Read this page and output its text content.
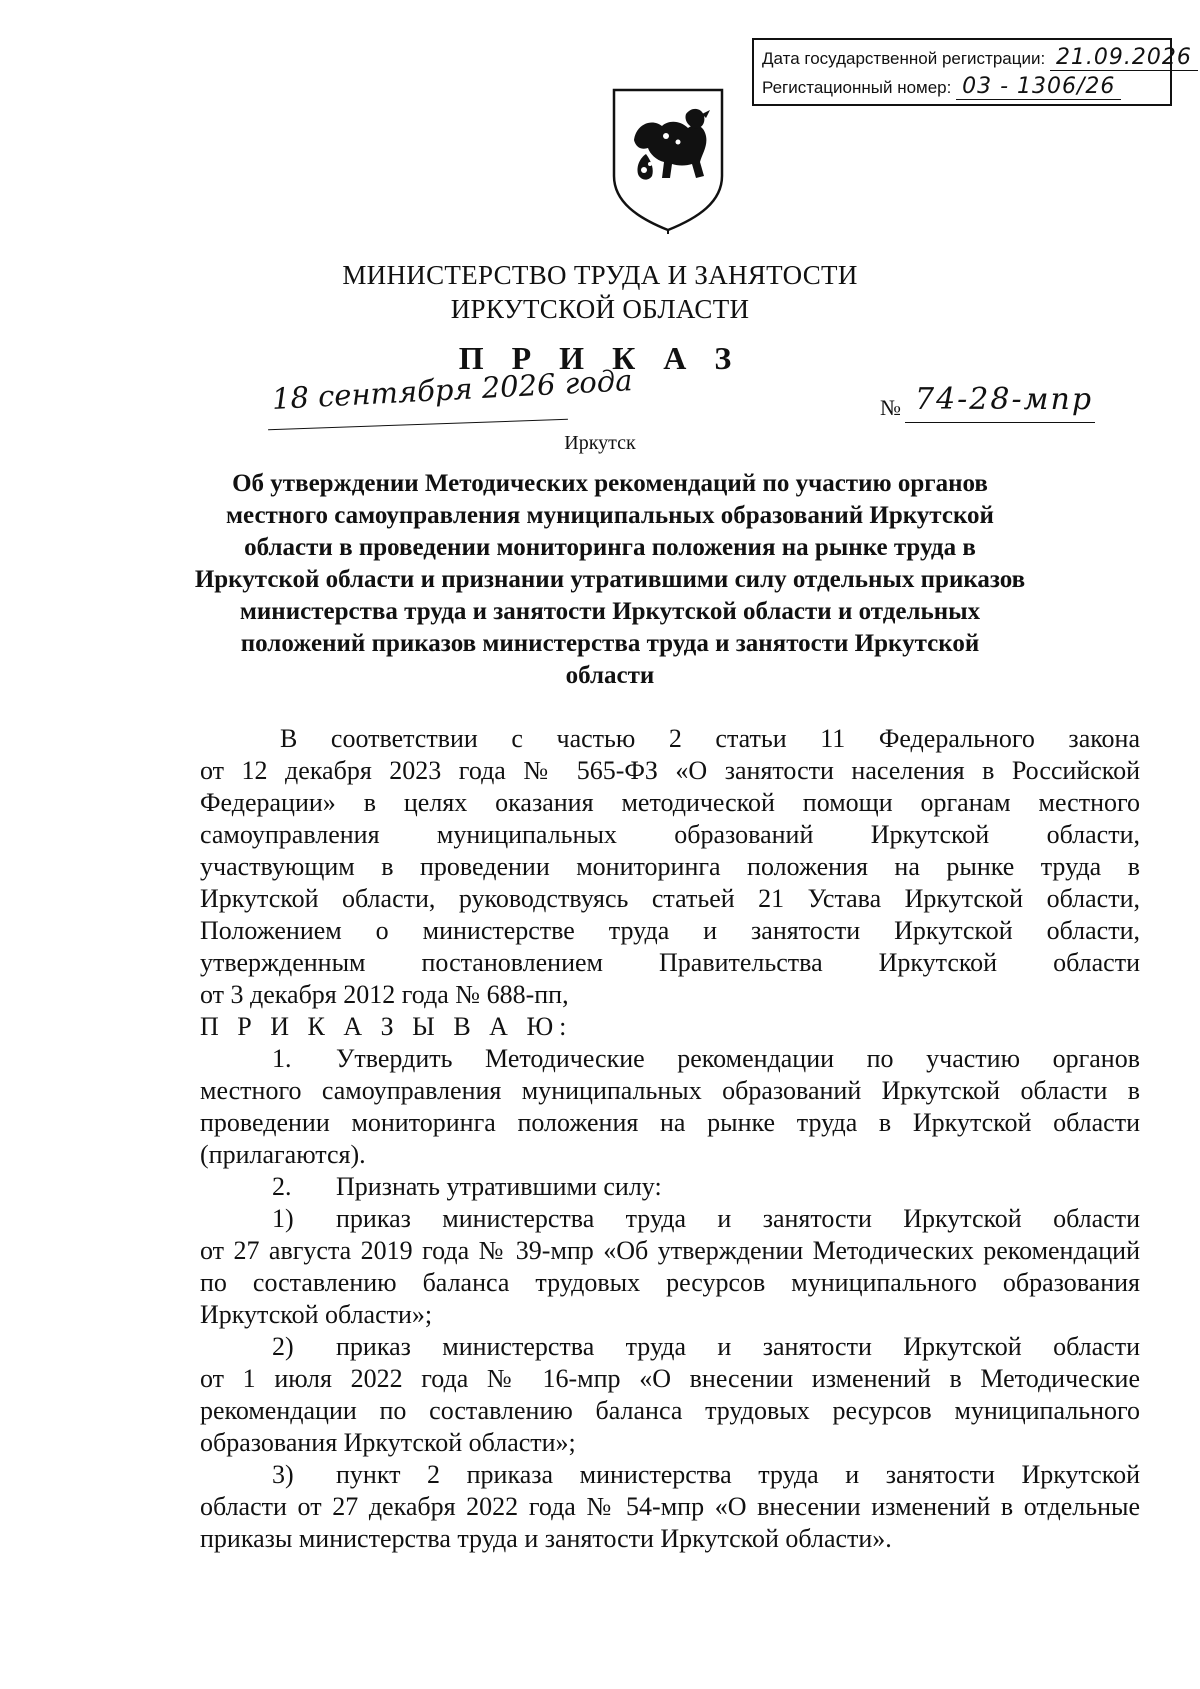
Дата государственной регистрации: 21.09.2026
Регистационный номер: 03 - 1306/26
МИНИСТЕРСТВО ТРУДА И ЗАНЯТОСТИ
ИРКУТСКОЙ ОБЛАСТИ
П Р И К А З
18 сентября 2026 года	№ 74-28-мпр
Иркутск
Об утверждении Методических рекомендаций по участию органов
местного самоуправления муниципальных образований Иркутской
области в проведении мониторинга положения на рынке труда в
Иркутской области и признании утратившими силу отдельных приказов
министерства труда и занятости Иркутской области и отдельных
положений приказов министерства труда и занятости Иркутской
области

В соответствии с частью 2 статьи 11 Федерального закона

от 12 декабря 2023 года № 565-ФЗ «О занятости населения в Российской

Федерации» в целях оказания методической помощи органам местного

самоуправления муниципальных образований Иркутской области,

участвующим в проведении мониторинга положения на рынке труда в

Иркутской области, руководствуясь статьей 21 Устава Иркутской области,

Положением о министерстве труда и занятости Иркутской области,

утвержденным постановлением Правительства Иркутской области

от 3 декабря 2012 года № 688-пп,

П Р И К А З Ы В А Ю:

1. Утвердить Методические рекомендации по участию органов

местного самоуправления муниципальных образований Иркутской области в проведении мониторинга положения на рынке труда в Иркутской области (прилагаются).

2. Признать утратившими силу:

1) приказ министерства труда и занятости Иркутской области

от 27 августа 2019 года № 39-мпр «Об утверждении Методических рекомендаций по составлению баланса трудовых ресурсов муниципального образования Иркутской области»;

2) приказ министерства труда и занятости Иркутской области

от 1 июля 2022 года № 16-мпр «О внесении изменений в Методические рекомендации по составлению баланса трудовых ресурсов муниципального образования Иркутской области»;

3) пункт 2 приказа министерства труда и занятости Иркутской

области от 27 декабря 2022 года № 54-мпр «О внесении изменений в отдельные приказы министерства труда и занятости Иркутской области».
